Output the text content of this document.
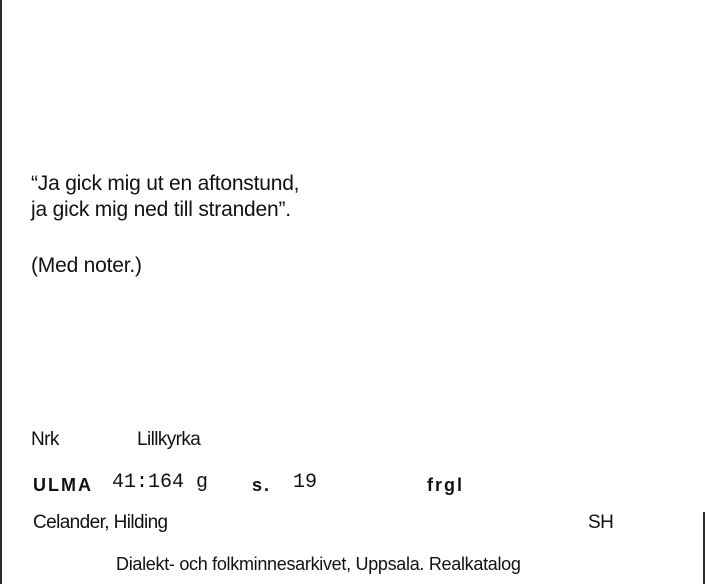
“Ja gick mig ut en aftonstund,
ja gick mig ned till stranden”.
(Med noter.)
Nrk	Lillkyrka
ULMA 41:164 g s. 19	frgl
Celander, Hilding	SH
Dialekt- och folkminnesarkivet, Uppsala. Realkatalog
